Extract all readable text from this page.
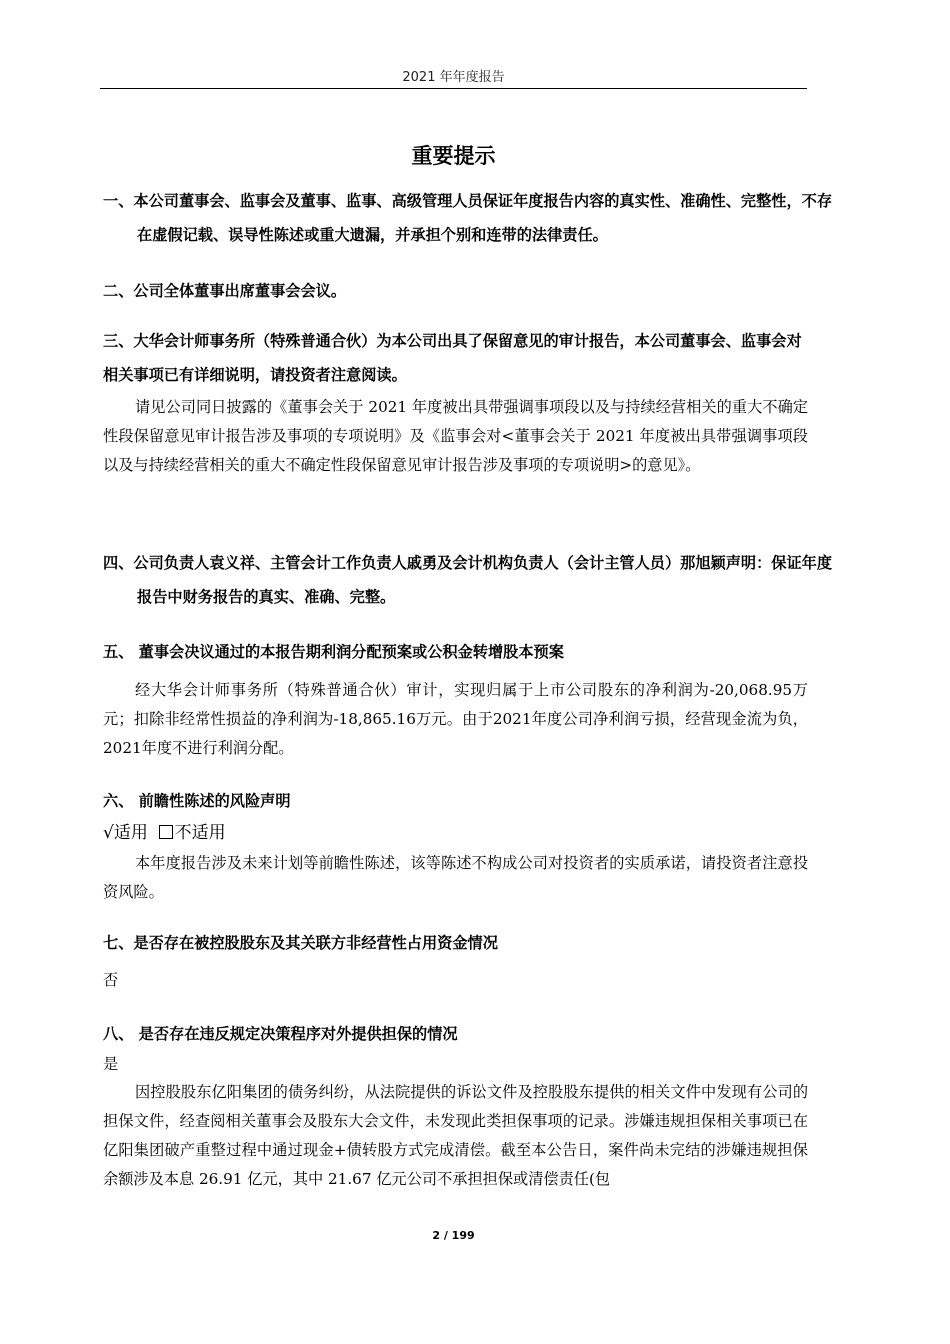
2021 年年度报告
重要提示

一、本公司董事会、监事会及董事、监事、高级管理人员保证年度报告内容的真实性、准确性、完整性，不存在虚假记载、误导性陈述或重大遗漏，并承担个别和连带的法律责任。

二、公司全体董事出席董事会会议。

三、大华会计师事务所（特殊普通合伙）为本公司出具了保留意见的审计报告，本公司董事会、监事会对相关事项已有详细说明，请投资者注意阅读。

请见公司同日披露的《董事会关于 2021 年度被出具带强调事项段以及与持续经营相关的重大不确定性段保留意见审计报告涉及事项的专项说明》及《监事会对<董事会关于 2021 年度被出具带强调事项段以及与持续经营相关的重大不确定性段保留意见审计报告涉及事项的专项说明>的意见》。

四、公司负责人袁义祥、主管会计工作负责人戚勇及会计机构负责人（会计主管人员）那旭颖声明：保证年度报告中财务报告的真实、准确、完整。

五、 董事会决议通过的本报告期利润分配预案或公积金转增股本预案

经大华会计师事务所（特殊普通合伙）审计，实现归属于上市公司股东的净利润为-20,068.95万元；扣除非经常性损益的净利润为-18,865.16万元。由于2021年度公司净利润亏损，经营现金流为负，2021年度不进行利润分配。

六、 前瞻性陈述的风险声明

√适用 不适用

本年度报告涉及未来计划等前瞻性陈述，该等陈述不构成公司对投资者的实质承诺，请投资者注意投资风险。

七、是否存在被控股股东及其关联方非经营性占用资金情况

否

八、 是否存在违反规定决策程序对外提供担保的情况

是

因控股股东亿阳集团的债务纠纷，从法院提供的诉讼文件及控股股东提供的相关文件中发现有公司的担保文件，经查阅相关董事会及股东大会文件，未发现此类担保事项的记录。涉嫌违规担保相关事项已在亿阳集团破产重整过程中通过现金+债转股方式完成清偿。截至本公告日，案件尚未完结的涉嫌违规担保余额涉及本息 26.91 亿元，其中 21.67 亿元公司不承担担保或清偿责任(包

2 / 199
